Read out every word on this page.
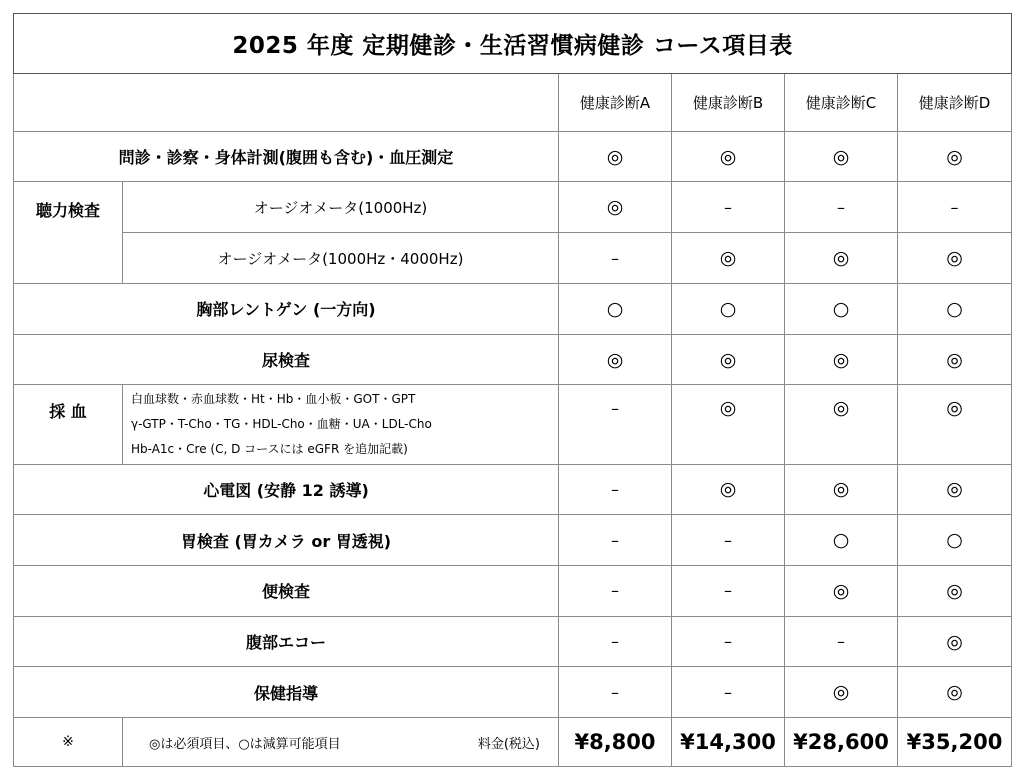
2025 年度 定期健診・生活習慣病健診 コース項目表					
		健康診断A	健康診断B	健康診断C	健康診断D
問診・診察・身体計測(腹囲も含む)・血圧測定		◎	◎	◎	◎
聴力検査	オージオメータ(1000Hz)	◎	–	–	–
	オージオメータ(1000Hz・4000Hz)	–	◎	◎	◎
胸部レントゲン (一方向)		○	○	○	○
尿検査		◎	◎	◎	◎
採 血	白血球数・赤血球数・Ht・Hb・血小板・GOT・GPT
γ-GTP・T-Cho・TG・HDL-Cho・血糖・UA・LDL-Cho
Hb-A1c・Cre (C, D コースには eGFR を追加記載)	–	◎	◎	◎
心電図 (安静 12 誘導)		–	◎	◎	◎
胃検査 (胃カメラ or 胃透視)		–	–	○	○
便検査		–	–	◎	◎
腹部エコー		–	–	–	◎
保健指導		–	–	◎	◎
※	◎は必須項目、○は減算可能項目 料金(税込)	¥8,800	¥14,300	¥28,600	¥35,200
